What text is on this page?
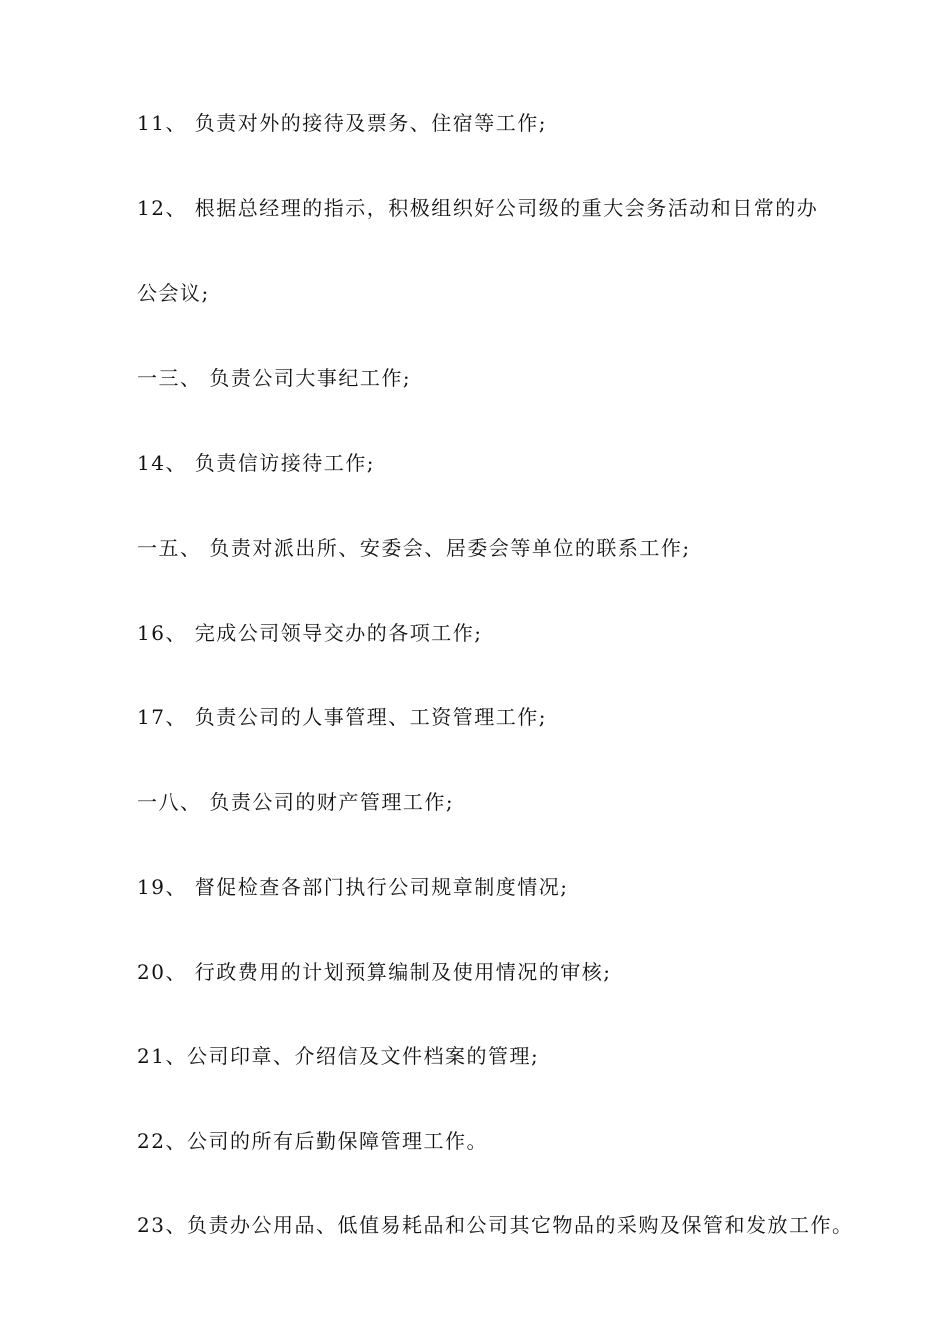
11、 负责对外的接待及票务、住宿等工作;
12、 根据总经理的指示，积极组织好公司级的重大会务活动和日常的办
公会议;
一三、 负责公司大事纪工作;
14、 负责信访接待工作;
一五、 负责对派出所、安委会、居委会等单位的联系工作;
16、 完成公司领导交办的各项工作;
17、 负责公司的人事管理、工资管理工作;
一八、 负责公司的财产管理工作;
19、 督促检查各部门执行公司规章制度情况;
20、 行政费用的计划预算编制及使用情况的审核;
21、公司印章、介绍信及文件档案的管理;
22、公司的所有后勤保障管理工作。
23、负责办公用品、低值易耗品和公司其它物品的采购及保管和发放工作。
